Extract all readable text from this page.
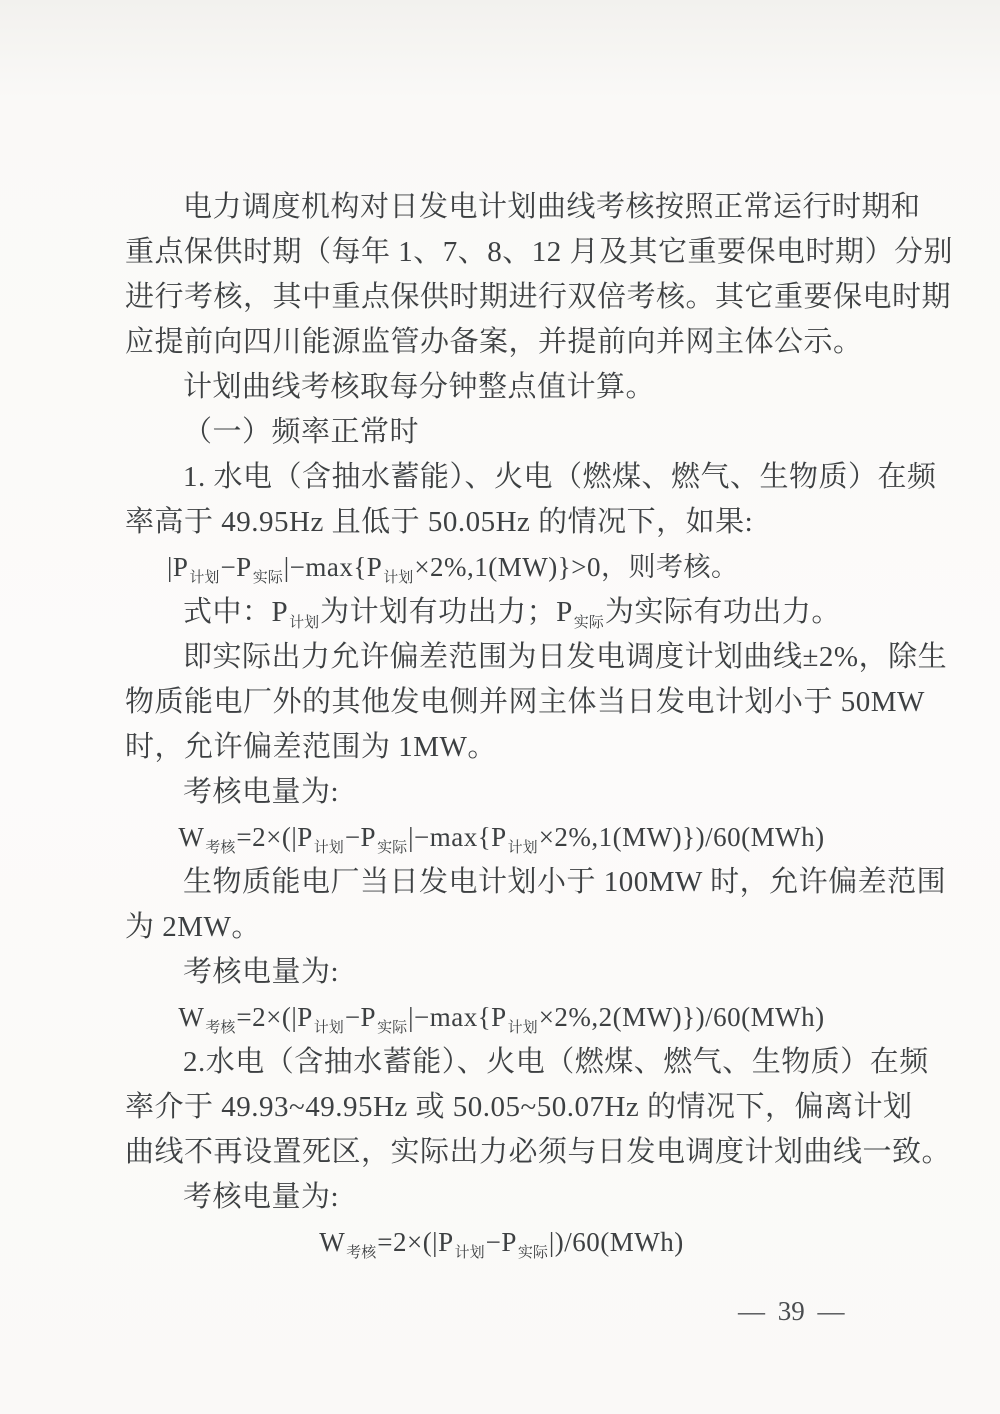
电力调度机构对日发电计划曲线考核按照正常运行时期和
重点保供时期（每年 1、7、8、12 月及其它重要保电时期）分别
进行考核，其中重点保供时期进行双倍考核。其它重要保电时期
应提前向四川能源监管办备案，并提前向并网主体公示。
计划曲线考核取每分钟整点值计算。
（一）频率正常时
1. 水电（含抽水蓄能）、火电（燃煤、燃气、生物质）在频
率高于 49.95Hz 且低于 50.05Hz 的情况下，如果:
$|P_{计划}-P_{实际}|-\max\{P_{计划}\times 2\%,1(MW)\}>0$，则考核。
式中：$P_{计划}$为计划有功出力；$P_{实际}$为实际有功出力。
即实际出力允许偏差范围为日发电调度计划曲线±2%，除生
物质能电厂外的其他发电侧并网主体当日发电计划小于 50MW
时，允许偏差范围为 1MW。
考核电量为:
$W_{考核}=2\times(|P_{计划}-P_{实际}|-\max\{P_{计划}\times 2\%,1(MW)\})/60(MWh)$
生物质能电厂当日发电计划小于 100MW 时，允许偏差范围
为 2MW。
考核电量为:
$W_{考核}=2\times(|P_{计划}-P_{实际}|-\max\{P_{计划}\times 2\%,2(MW)\})/60(MWh)$
2.水电（含抽水蓄能）、火电（燃煤、燃气、生物质）在频
率介于 49.93~49.95Hz 或 50.05~50.07Hz 的情况下，偏离计划
曲线不再设置死区，实际出力必须与日发电调度计划曲线一致。
考核电量为:
$W_{考核}=2\times(|P_{计划}-P_{实际}|)/60(MWh)$
— 39 —
